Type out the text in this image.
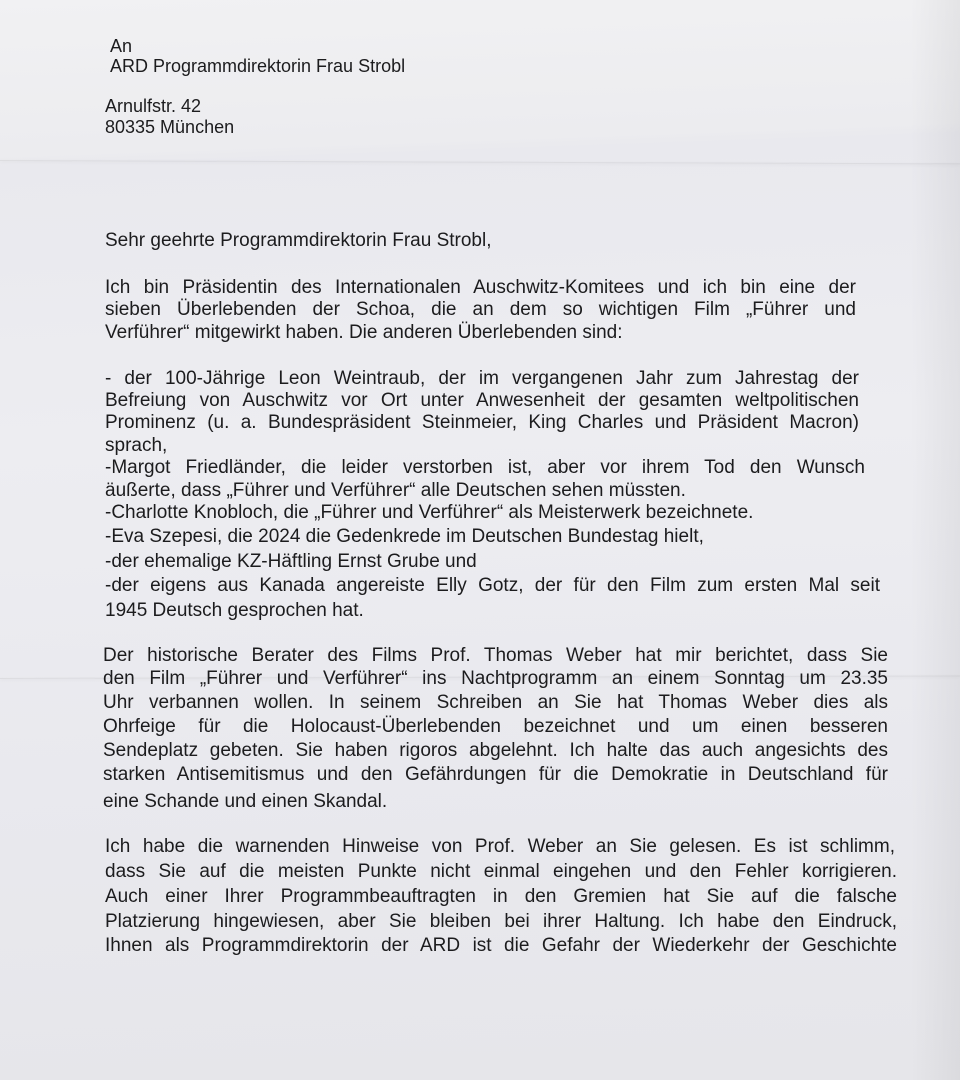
An
ARD Programmdirektorin Frau Strobl
Arnulfstr. 42
80335 München
Sehr geehrte Programmdirektorin Frau Strobl,
Ich bin Präsidentin des Internationalen Auschwitz-Komitees und ich bin eine der
sieben Überlebenden der Schoa, die an dem so wichtigen Film „Führer und
Verführer“ mitgewirkt haben. Die anderen Überlebenden sind:
- der 100-Jährige Leon Weintraub, der im vergangenen Jahr zum Jahrestag der
Befreiung von Auschwitz vor Ort unter Anwesenheit der gesamten weltpolitischen
Prominenz (u. a. Bundespräsident Steinmeier, King Charles und Präsident Macron)
sprach,
-Margot Friedländer, die leider verstorben ist, aber vor ihrem Tod den Wunsch
äußerte, dass „Führer und Verführer“ alle Deutschen sehen müssten.
-Charlotte Knobloch, die „Führer und Verführer“ als Meisterwerk bezeichnete.
-Eva Szepesi, die 2024 die Gedenkrede im Deutschen Bundestag hielt,
-der ehemalige KZ-Häftling Ernst Grube und
-der eigens aus Kanada angereiste Elly Gotz, der für den Film zum ersten Mal seit
1945 Deutsch gesprochen hat.
Der historische Berater des Films Prof. Thomas Weber hat mir berichtet, dass Sie
den Film „Führer und Verführer“ ins Nachtprogramm an einem Sonntag um 23.35
Uhr verbannen wollen. In seinem Schreiben an Sie hat Thomas Weber dies als
Ohrfeige für die Holocaust-Überlebenden bezeichnet und um einen besseren
Sendeplatz gebeten. Sie haben rigoros abgelehnt. Ich halte das auch angesichts des
starken Antisemitismus und den Gefährdungen für die Demokratie in Deutschland für
eine Schande und einen Skandal.
Ich habe die warnenden Hinweise von Prof. Weber an Sie gelesen. Es ist schlimm,
dass Sie auf die meisten Punkte nicht einmal eingehen und den Fehler korrigieren.
Auch einer Ihrer Programmbeauftragten in den Gremien hat Sie auf die falsche
Platzierung hingewiesen, aber Sie bleiben bei ihrer Haltung. Ich habe den Eindruck,
Ihnen als Programmdirektorin der ARD ist die Gefahr der Wiederkehr der Geschichte
